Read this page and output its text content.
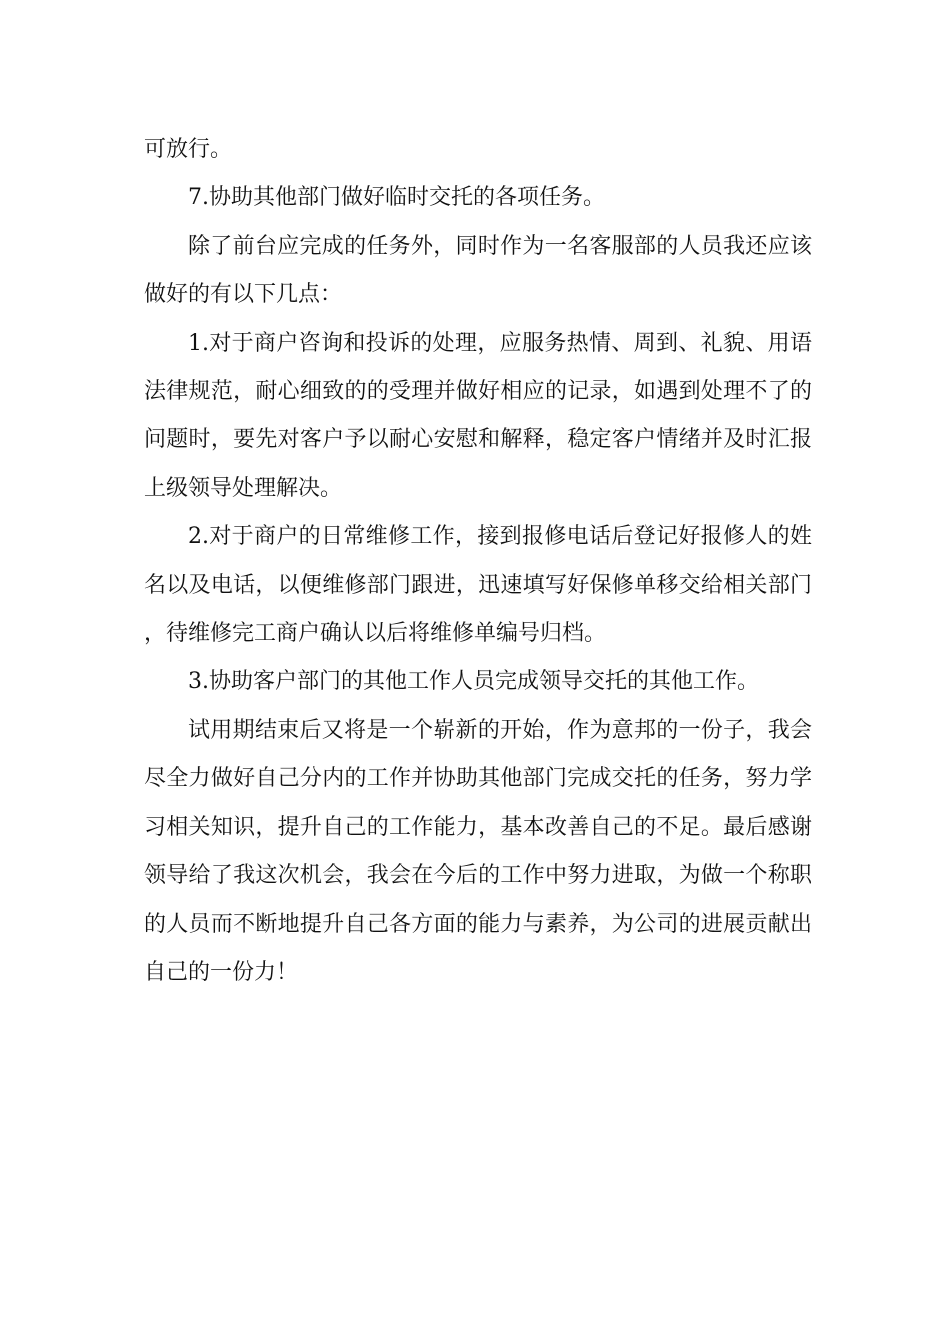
可放行。

7.协助其他部门做好临时交托的各项任务。

除了前台应完成的任务外，同时作为一名客服部的人员我还应该做好的有以下几点：

1.对于商户咨询和投诉的处理，应服务热情、周到、礼貌、用语法律规范，耐心细致的的受理并做好相应的记录，如遇到处理不了的问题时，要先对客户予以耐心安慰和解释，稳定客户情绪并及时汇报上级领导处理解决。

2.对于商户的日常维修工作，接到报修电话后登记好报修人的姓名以及电话，以便维修部门跟进，迅速填写好保修单移交给相关部门，待维修完工商户确认以后将维修单编号归档。

3.协助客户部门的其他工作人员完成领导交托的其他工作。

试用期结束后又将是一个崭新的开始，作为意邦的一份子，我会尽全力做好自己分内的工作并协助其他部门完成交托的任务，努力学习相关知识，提升自己的工作能力，基本改善自己的不足。最后感谢领导给了我这次机会，我会在今后的工作中努力进取，为做一个称职的人员而不断地提升自己各方面的能力与素养，为公司的进展贡献出自己的一份力！
